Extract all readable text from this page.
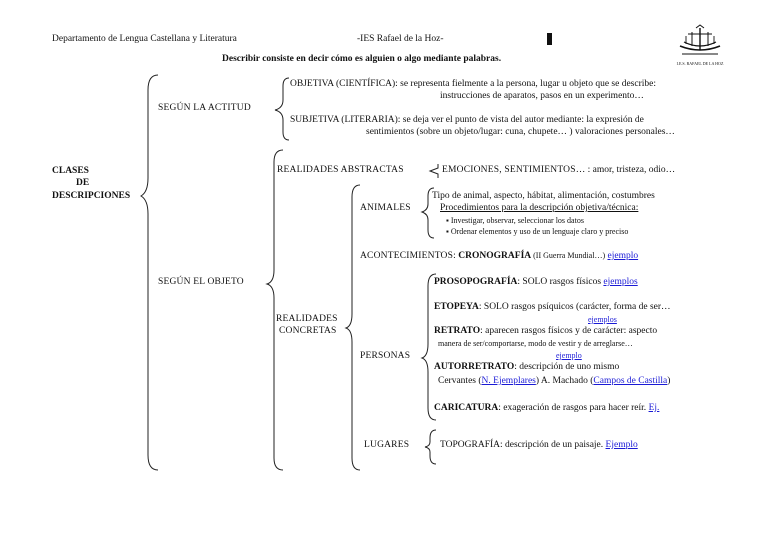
Departamento de Lengua Castellana y Literatura	-IES Rafael de la Hoz-
Describir consiste en decir cómo es alguien o algo mediante palabras.	I.E.S. RAFAEL DE LA HOZ
CLASES
DE
DESCRIPCIONES
SEGÚN LA ACTITUD
OBJETIVA (CIENTÍFICA): se representa fielmente a la persona, lugar u objeto que se describe:
instrucciones de aparatos, pasos en un experimento…
SUBJETIVA (LITERARIA): se deja ver el punto de vista del autor mediante: la expresión de
sentimientos (sobre un objeto/lugar: cuna, chupete… ) valoraciones personales…
SEGÚN EL OBJETO
REALIDADES ABSTRACTAS	EMOCIONES, SENTIMIENTOS… : amor, tristeza, odio…
REALIDADES
CONCRETAS
ANIMALES
Tipo de animal, aspecto, hábitat, alimentación, costumbres
Procedimientos para la descripción objetiva/técnica:
▪ Investigar, observar, seleccionar los datos
▪ Ordenar elementos y uso de un lenguaje claro y preciso
ACONTECIMIENTOS: CRONOGRAFÍA (II Guerra Mundial…) ejemplo
PERSONAS
PROSOPOGRAFÍA: SOLO rasgos físicos ejemplos
ETOPEYA: SOLO rasgos psíquicos (carácter, forma de ser…
ejemplos
RETRATO: aparecen rasgos físicos y de carácter: aspecto
manera de ser/comportarse, modo de vestir y de arreglarse…
ejemplo
AUTORRETRATO: descripción de uno mismo
Cervantes (N. Ejemplares) A. Machado (Campos de Castilla)
CARICATURA: exageración de rasgos para hacer reír. Ej.
LUGARES	TOPOGRAFÍA: descripción de un paisaje. Ejemplo
